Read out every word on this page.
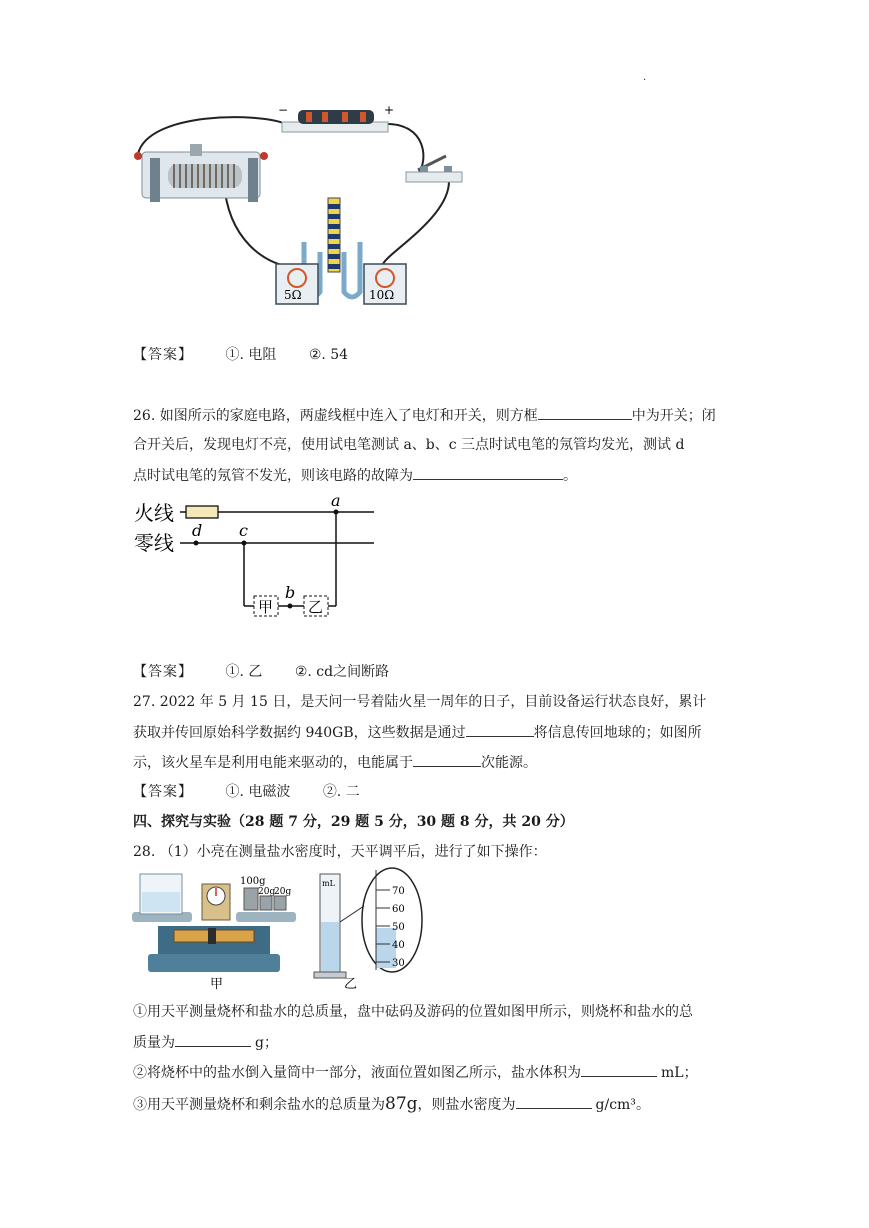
.
−	+
5Ω	10Ω
【答案】 ①. 电阻 ②. 54
26. 如图所示的家庭电路，两虚线框中连入了电灯和开关，则方框	中为开关；闭
合开关后，发现电灯不亮，使用试电笔测试 a、b、c 三点时试电笔的氖管均发光，测试 d
点时试电笔的氖管不发光，则该电路的故障为	。
火线
零线
a
d c
甲 乙
b
【答案】 ①. 乙 ②. cd之间断路
27. 2022 年 5 月 15 日，是天问一号着陆火星一周年的日子，目前设备运行状态良好，累计
获取并传回原始科学数据约 940GB，这些数据是通过	将信息传回地球的；如图所
示，该火星车是利用电能来驱动的，电能属于	次能源。
【答案】 ①. 电磁波 ②. 二
四、探究与实验（28 题 7 分，29 题 5 分，30 题 8 分，共 20 分）
28. （1）小亮在测量盐水密度时，天平调平后，进行了如下操作：
100g
20g
20g
甲
mL
70
60
50
40
30
乙
①用天平测量烧杯和盐水的总质量，盘中砝码及游码的位置如图甲所示，则烧杯和盐水的总
质量为	g；
②将烧杯中的盐水倒入量筒中一部分，液面位置如图乙所示，盐水体积为	mL；
③用天平测量烧杯和剩余盐水的总质量为87g，则盐水密度为	g/cm³。
